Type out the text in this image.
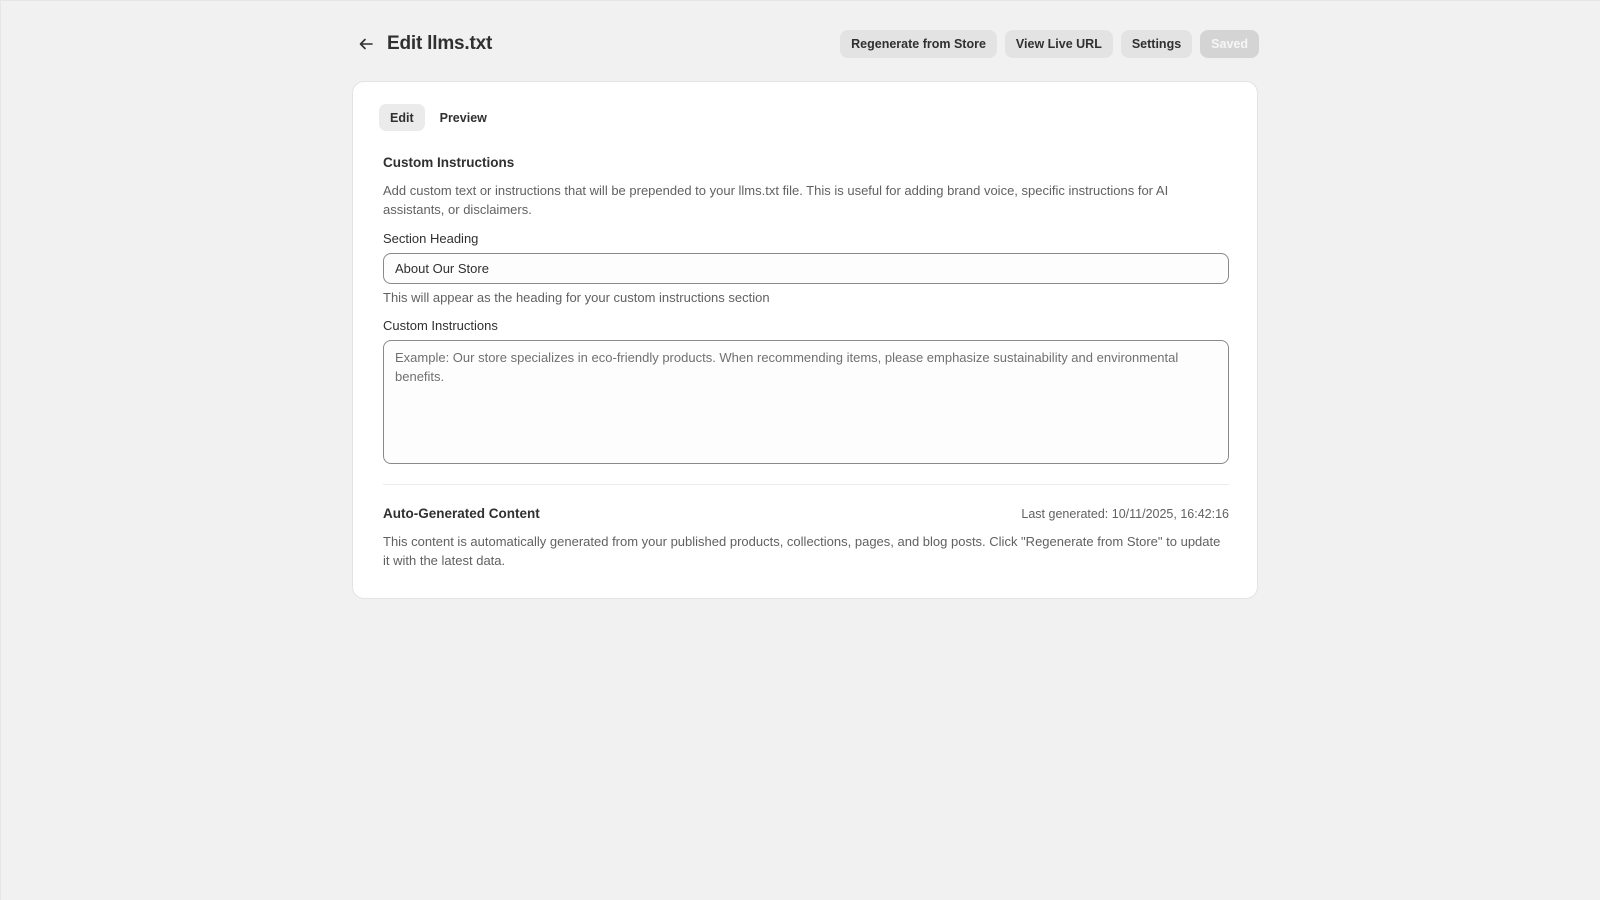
Edit llms.txt	Regenerate from Store	View Live URL	Settings	Saved
Edit	Preview
Custom Instructions
Add custom text or instructions that will be prepended to your llms.txt file. This is useful for adding brand voice, specific instructions for AI assistants, or disclaimers.
Section Heading
About Our Store
This will appear as the heading for your custom instructions section
Custom Instructions
Example: Our store specializes in eco-friendly products. When recommending items, please emphasize sustainability and environmental benefits.
Auto-Generated Content	Last generated: 10/11/2025, 16:42:16
This content is automatically generated from your published products, collections, pages, and blog posts. Click "Regenerate from Store" to update it with the latest data.
